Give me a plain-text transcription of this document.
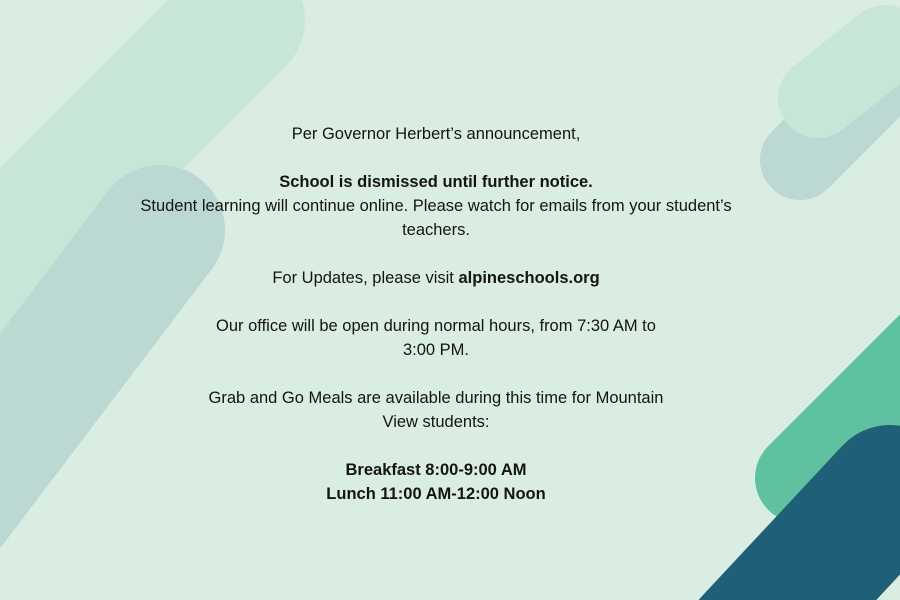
Per Governor Herbert’s announcement,

School is dismissed until further notice.

Student learning will continue online. Please watch for emails from your student’s

teachers.

For Updates, please visit alpineschools.org

Our office will be open during normal hours, from 7:30 AM to 3:00 PM.

Grab and Go Meals are available during this time for Mountain View students:

Breakfast 8:00-9:00 AM

Lunch 11:00 AM-12:00 Noon
